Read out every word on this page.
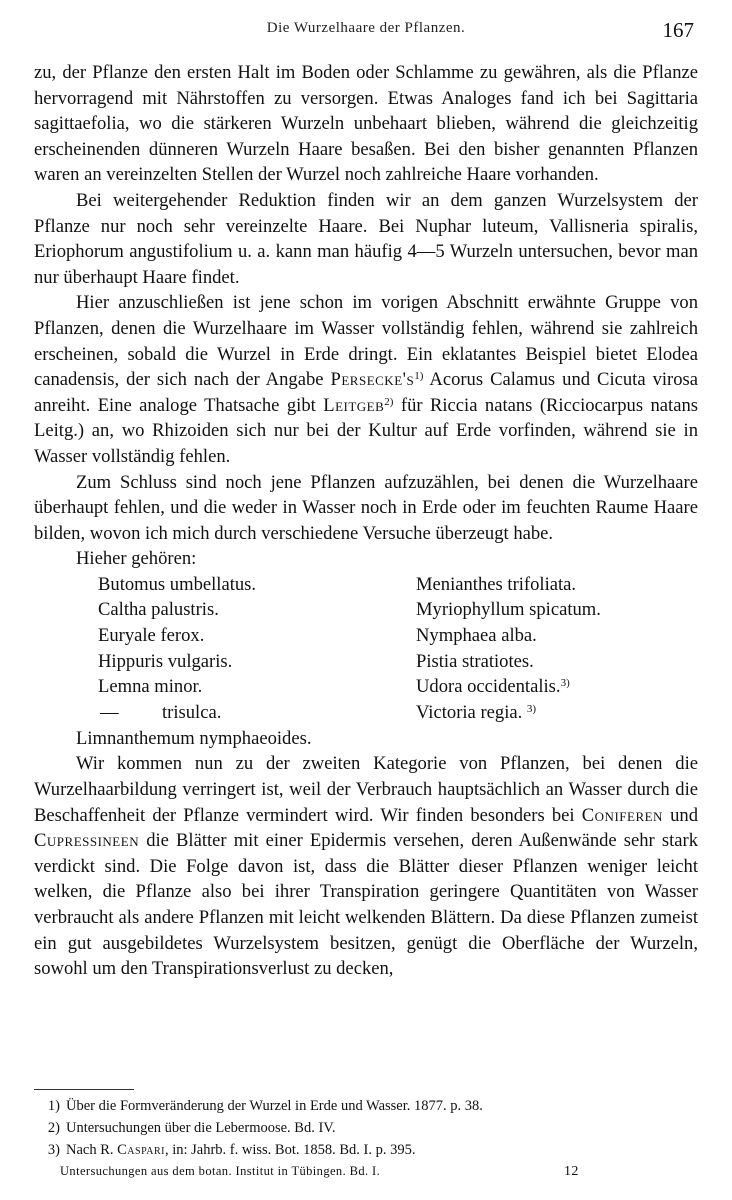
Die Wurzelhaare der Pflanzen.	167

zu, der Pflanze den ersten Halt im Boden oder Schlamme zu gewähren, als die Pflanze hervorragend mit Nährstoffen zu versorgen. Etwas Analoges fand ich bei Sagittaria sagittaefolia, wo die stärkeren Wurzeln unbehaart blieben, während die gleichzeitig erscheinenden dünneren Wurzeln Haare besaßen. Bei den bisher genannten Pflanzen waren an vereinzelten Stellen der Wurzel noch zahlreiche Haare vorhanden.

Bei weitergehender Reduktion finden wir an dem ganzen Wurzelsystem der Pflanze nur noch sehr vereinzelte Haare. Bei Nuphar luteum, Vallisneria spiralis, Eriophorum angustifolium u. a. kann man häufig 4—5 Wurzeln untersuchen, bevor man nur überhaupt Haare findet.

Hier anzuschließen ist jene schon im vorigen Abschnitt erwähnte Gruppe von Pflanzen, denen die Wurzelhaare im Wasser vollständig fehlen, während sie zahlreich erscheinen, sobald die Wurzel in Erde dringt. Ein eklatantes Beispiel bietet Elodea canadensis, der sich nach der Angabe $Persecke's^{1)}$ Acorus Calamus und Cicuta virosa anreiht. Eine analoge Thatsache gibt Leitgeb$^{2)}$ für Riccia natans (Ricciocarpus natans Leitg.) an, wo Rhizoiden sich nur bei der Kultur auf Erde vorfinden, während sie in Wasser vollständig fehlen.

Zum Schluss sind noch jene Pflanzen aufzuzählen, bei denen die Wurzelhaare überhaupt fehlen, und die weder in Wasser noch in Erde oder im feuchten Raume Haare bilden, wovon ich mich durch verschiedene Versuche überzeugt habe.

Hieher gehören:

Butomus umbellatus.
Caltha palustris.
Euryale ferox.
Hippuris vulgaris.
Lemna minor.
— trisulca.
Menianthes trifoliata.
Myriophyllum spicatum.
Nymphaea alba.
Pistia stratiotes.
Udora occidentalis.$^{3)}$
Victoria regia. $^{3)}$

Limnanthemum nymphaeoides.

Wir kommen nun zu der zweiten Kategorie von Pflanzen, bei denen die Wurzelhaarbildung verringert ist, weil der Verbrauch hauptsächlich an Wasser durch die Beschaffenheit der Pflanze vermindert wird. Wir finden besonders bei Coniferen und Cupressineen die Blätter mit einer Epidermis versehen, deren Außenwände sehr stark verdickt sind. Die Folge davon ist, dass die Blätter dieser Pflanzen weniger leicht welken, die Pflanze also bei ihrer Transpiration geringere Quantitäten von Wasser verbraucht als andere Pflanzen mit leicht welkenden Blättern. Da diese Pflanzen zumeist ein gut ausgebildetes Wurzelsystem besitzen, genügt die Oberfläche der Wurzeln, sowohl um den Transpirationsverlust zu decken,

1) Über die Formveränderung der Wurzel in Erde und Wasser. 1877. p. 38.
2) Untersuchungen über die Lebermoose. Bd. IV.
3) Nach R. Caspari, in: Jahrb. f. wiss. Bot. 1858. Bd. I. p. 395.
Untersuchungen aus dem botan. Institut in Tübingen. Bd. I.	12
